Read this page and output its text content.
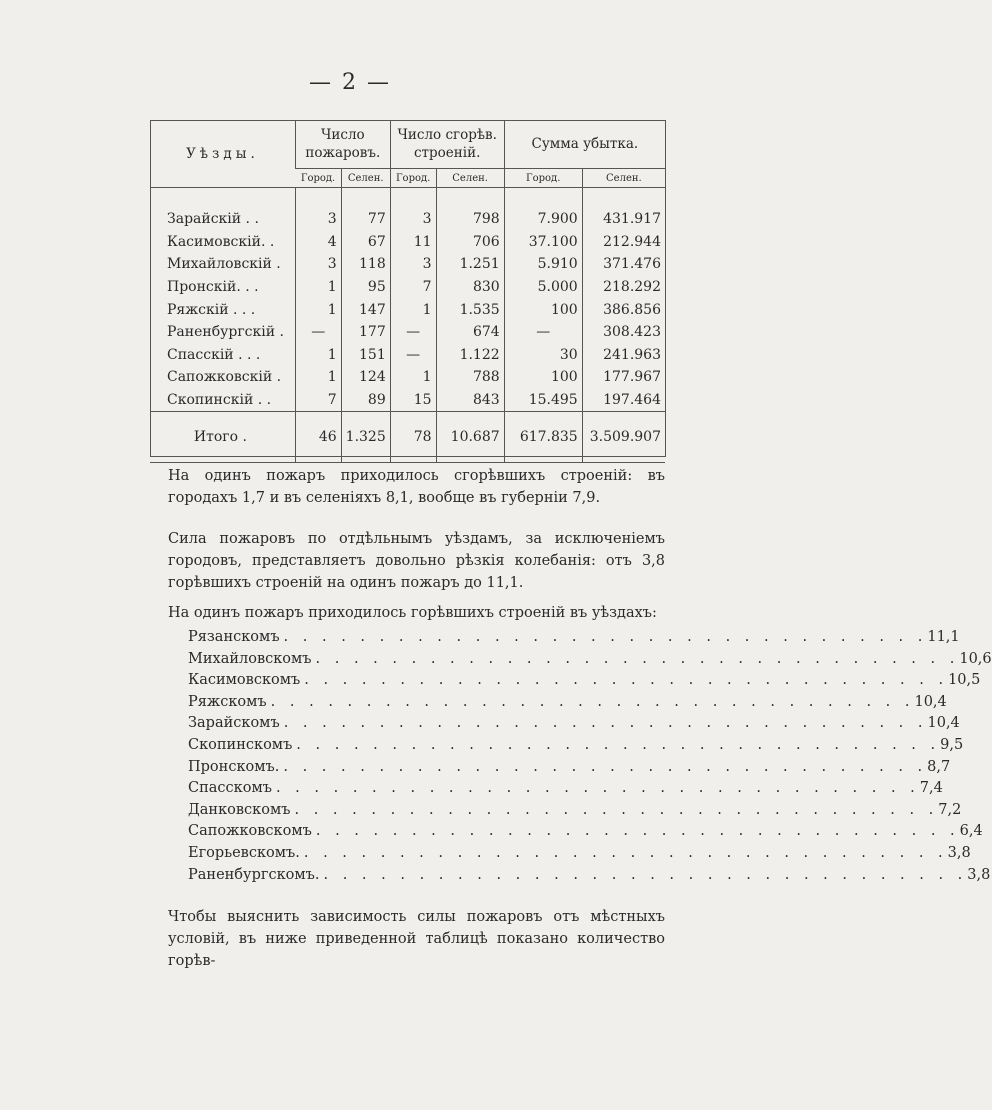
— 2 —
Уѣзды.	Число пожаровъ.		Число сгорѣв. строеній.		Сумма убытка.	
	Город.	Селен.	Город.	Селен.	Город.	Селен.

Зарайскій . .	3	77	3	798	7.900	431.917
Касимовскій. .	4	67	11	706	37.100	212.944
Михайловскій .	3	118	3	1.251	5.910	371.476
Пронскій. . .	1	95	7	830	5.000	218.292
Ряжскій . . .	1	147	1	1.535	100	386.856
Раненбургскій .	—	177	—	674	—	308.423
Спасскій . . .	1	151	—	1.122	30	241.963
Сапожковскій .	1	124	1	788	100	177.967
Скопинскій . .	7	89	15	843	15.495	197.464
Итого .	46	1.325	78	10.687	617.835	3.509.907
На одинъ пожаръ приходилось сгорѣвшихъ строеній: въ городахъ 1,7 и въ селеніяхъ 8,1, вообще въ губерніи 7,9.
Сила пожаровъ по отдѣльнымъ уѣздамъ, за исключеніемъ городовъ, представляетъ довольно рѣзкія колебанія: отъ 3,8 горѣвшихъ строеній на одинъ пожаръ до 11,1.
На одинъ пожаръ приходилось горѣвшихъ строеній въ уѣздахъ:
Рязанскомъ . . . . . . . . . . . . . . . . . . . . . . . . . . . . . . . . . . 11,1
Михайловскомъ . . . . . . . . . . . . . . . . . . . . . . . . . . . . . . . . . . 10,6
Касимовскомъ . . . . . . . . . . . . . . . . . . . . . . . . . . . . . . . . . . 10,5
Ряжскомъ . . . . . . . . . . . . . . . . . . . . . . . . . . . . . . . . . . 10,4
Зарайскомъ . . . . . . . . . . . . . . . . . . . . . . . . . . . . . . . . . . 10,4
Скопинскомъ . . . . . . . . . . . . . . . . . . . . . . . . . . . . . . . . . . 9,5
Пронскомъ. . . . . . . . . . . . . . . . . . . . . . . . . . . . . . . . . . . 8,7
Спасскомъ . . . . . . . . . . . . . . . . . . . . . . . . . . . . . . . . . . 7,4
Данковскомъ . . . . . . . . . . . . . . . . . . . . . . . . . . . . . . . . . . 7,2
Сапожковскомъ . . . . . . . . . . . . . . . . . . . . . . . . . . . . . . . . . . 6,4
Егорьевскомъ. . . . . . . . . . . . . . . . . . . . . . . . . . . . . . . . . . . 3,8
Раненбургскомъ. . . . . . . . . . . . . . . . . . . . . . . . . . . . . . . . . . . 3,8
Чтобы выяснить зависимость силы пожаровъ отъ мѣстныхъ условій, въ ниже приведенной таблицѣ показано количество горѣв-
